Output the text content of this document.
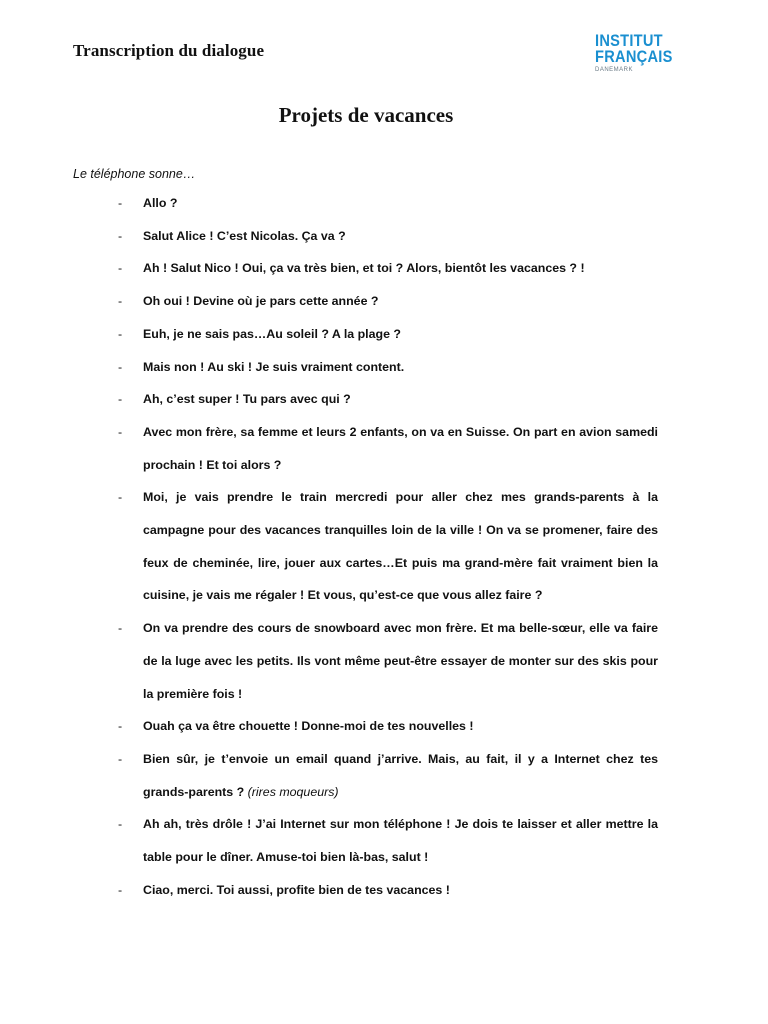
Transcription du dialogue
INSTITUT
FRANÇAIS
DANEMARK
Projets de vacances
Le téléphone sonne…
- Allo ?
- Salut Alice ! C’est Nicolas. Ça va ?
- Ah ! Salut Nico ! Oui, ça va très bien, et toi ? Alors, bientôt les vacances ? !
- Oh oui ! Devine où je pars cette année ?
- Euh, je ne sais pas…Au soleil ? A la plage ?
- Mais non ! Au ski ! Je suis vraiment content.
- Ah, c’est super ! Tu pars avec qui ?
- Avec mon frère, sa femme et leurs 2 enfants, on va en Suisse. On part en avion samedi prochain ! Et toi alors ?
- Moi, je vais prendre le train mercredi pour aller chez mes grands-parents à la campagne pour des vacances tranquilles loin de la ville ! On va se promener, faire des feux de cheminée, lire, jouer aux cartes…Et puis ma grand-mère fait vraiment bien la cuisine, je vais me régaler ! Et vous, qu’est-ce que vous allez faire ?
- On va prendre des cours de snowboard avec mon frère. Et ma belle-sœur, elle va faire de la luge avec les petits. Ils vont même peut-être essayer de monter sur des skis pour la première fois !
- Ouah ça va être chouette ! Donne-moi de tes nouvelles !
- Bien sûr, je t’envoie un email quand j’arrive. Mais, au fait, il y a Internet chez tes grands-parents ? (rires moqueurs)
- Ah ah, très drôle ! J’ai Internet sur mon téléphone ! Je dois te laisser et aller mettre la table pour le dîner. Amuse-toi bien là-bas, salut !
- Ciao, merci. Toi aussi, profite bien de tes vacances !
